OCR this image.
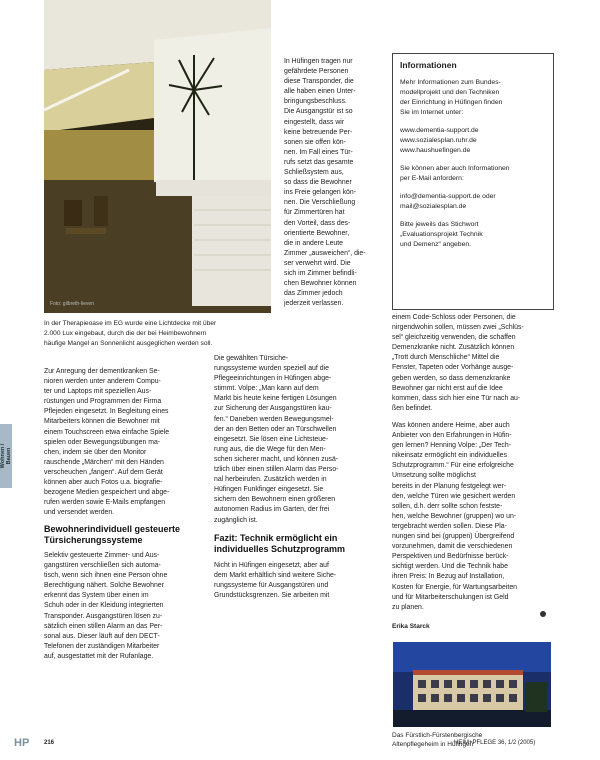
Foto: gilbreth-lieven
In der Therapieoase im EG wurde eine Lichtdecke mit über
2.000 Lux eingebaut, durch die der bei Heimbewohnern
häufige Mangel an Sonnenlicht ausgeglichen werden soll.
Wohnen /
Bauen

Zur Anregung der dementkranken Se-
nioren werden unter anderem Compu-
ter und Laptops mit speziellen Aus-
rüstungen und Programmen der Firma
Pflejeden eingesetzt. In Begleitung eines
Mitarbeiters können die Bewohner mit
einem Touchscreen etwa einfache Spiele
spielen oder Bewegungsübungen ma-
chen, indem sie über den Monitor
rauschende „Märchen“ mit den Händen
verscheuchen „fangen“. Auf dem Gerät
können aber auch Fotos u.a. biografie-
bezogene Medien gespeichert und abge-
rufen werden sowie E-Mails empfangen
und versendet werden.

Bewohnerindividuell gesteuerte
Türsicherungssysteme

Selektiv gesteuerte Zimmer- und Aus-
gangstüren verschließen sich automa-
tisch, wenn sich ihnen eine Person ohne
Berechtigung nähert. Solche Bewohner
erkennt das System über einen im
Schuh oder in der Kleidung integrierten
Transponder. Ausgangstüren lösen zu-
sätzlich einen stillen Alarm an das Per-
sonal aus. Dieser läuft auf den DECT-
Telefonen der zuständigen Mitarbeiter
auf, ausgestattet mit der Rufanlage.

In Hüfingen tragen nur
gefährdete Personen
diese Transponder, die
alle haben einen Unter-
bringungsbeschluss.
Die Ausgangstür ist so
eingestellt, dass wir
keine betreuende Per-
sonen sie offen kön-
nen. Im Fall eines Tür-
rufs setzt das gesamte
Schließsystem aus,
so dass die Bewohner
ins Freie gelangen kön-
nen. Die Verschließung
für Zimmertüren hat
den Vorteil, dass des-
orientierte Bewohner,
die in andere Leute
Zimmer „ausweichen“, die-
ser verwehrt wird. Die
sich im Zimmer befindli-
chen Bewohner können
das Zimmer jedoch
jederzeit verlassen.

Die gewählten Türsiche-
rungssysteme wurden speziell auf die
Pflegeeinrichtungen in Hüfingen abge-
stimmt. Volpe: „Man kann auf dem
Markt bis heute keine fertigen Lösungen
zur Sicherung der Ausgangstüren kau-
fen.“ Daneben werden Bewegungsmel-
der an den Betten oder an Türschwellen
eingesetzt. Sie lösen eine Lichtsteue-
rung aus, die die Wege für den Men-
schen sicherer macht, und können zusä-
tzlich über einen stillen Alarm das Perso-
nal herbeirufen. Zusätzlich werden in
Hüfingen Funkfinger eingesetzt. Sie
sichern den Bewohnern einen größeren
autonomen Radius im Garten, der frei
zugänglich ist.

Fazit: Technik ermöglicht ein
individuelles Schutzprogramm

Nicht in Hüfingen eingesetzt, aber auf
dem Markt erhältlich sind weitere Siche-
rungssysteme für Ausgangstüren und
Grundstücksgrenzen. Sie arbeiten mit

Informationen

Mehr Informationen zum Bundes-
modellprojekt und den Techniken
der Einrichtung in Hüfingen finden
Sie im Internet unter:

www.dementia-support.de
www.sozialesplan.ruhr.de
www.haushuefingen.de

Sie können aber auch Informationen
per E-Mail anfordern:

info@dementia-support.de oder
mail@sozialesplan.de

Bitte jeweils das Stichwort
„Evaluationsprojekt Technik
und Demenz“ angeben.

einem Code-Schloss oder Personen, die
nirgendwohin sollen, müssen zwei „Schlüs-
sel“ gleichzeitig verwenden, die schaffen
Demenzkranke nicht. Zusätzlich können
„Trott durch Menschliche“ Mittel die
Fenster, Tapeten oder Vorhänge ausge-
geben werden, so dass demenzkranke
Bewohner gar nicht erst auf die Idee
kommen, dass sich hier eine Tür nach au-
ßen befindet.

Was können andere Heime, aber auch
Anbieter von den Erfahrungen in Hüfin-
gen lernen? Henning Volpe: „Der Tech-
nikeinsatz ermöglicht ein individuelles
Schutzprogramm.“ Für eine erfolgreiche
Umsetzung sollte möglichst
bereits in der Planung festgelegt wer-
den, welche Türen wie gesichert werden
sollen, d.h. derr sollte schon festste-
hen, welche Bewohner (gruppen) wo un-
tergebracht werden sollen. Diese Pla-
nungen sind bei (gruppen) Übergreifend
vorzunehmen, damit die verschiedenen
Perspektiven und Bedürfnisse berück-
sichtigt werden. Und die Technik habe
ihren Preis: In Bezug auf Installation,
Kosten für Energie, für Wartungsarbeiten
und für Mitarbeiterschulungen ist Geld
zu planen.

Erika Starck
Das Fürstlich-Fürstenbergische
Altenpflegeheim in Hüfingen
HP 216	HEIM+PFLEGE 36, 1/2 (2005)
